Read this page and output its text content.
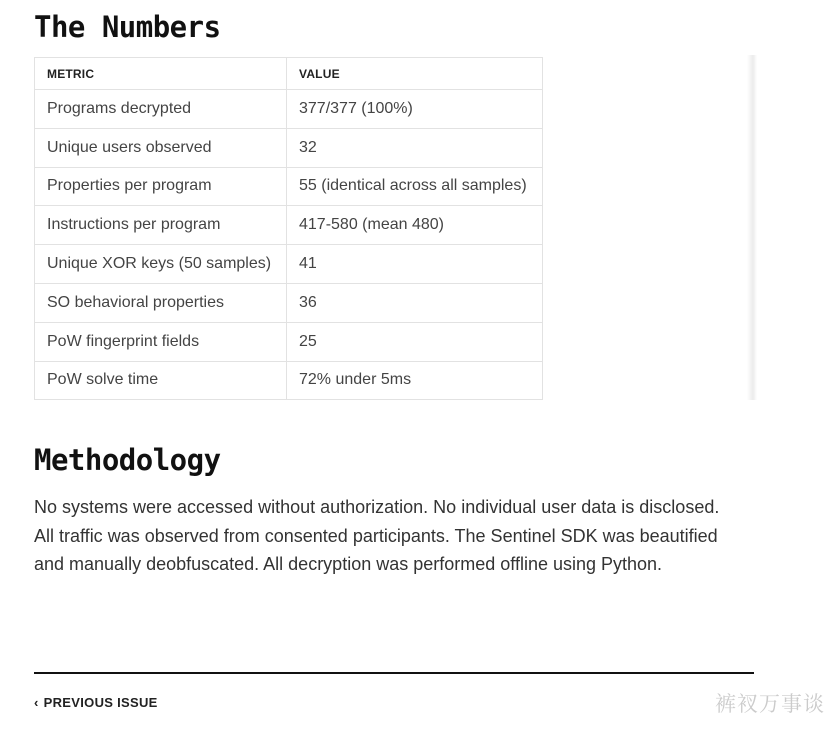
The Numbers
METRIC	VALUE
Programs decrypted	377/377 (100%)
Unique users observed	32
Properties per program	55 (identical across all samples)
Instructions per program	417-580 (mean 480)
Unique XOR keys (50 samples)	41
SO behavioral properties	36
PoW fingerprint fields	25
PoW solve time	72% under 5ms
Methodology

No systems were accessed without authorization. No individual user data is disclosed. All traffic was observed from consented participants. The Sentinel SDK was beautified and manually deobfuscated. All decryption was performed offline using Python.

‹ PREVIOUS ISSUE	裤衩万事谈
